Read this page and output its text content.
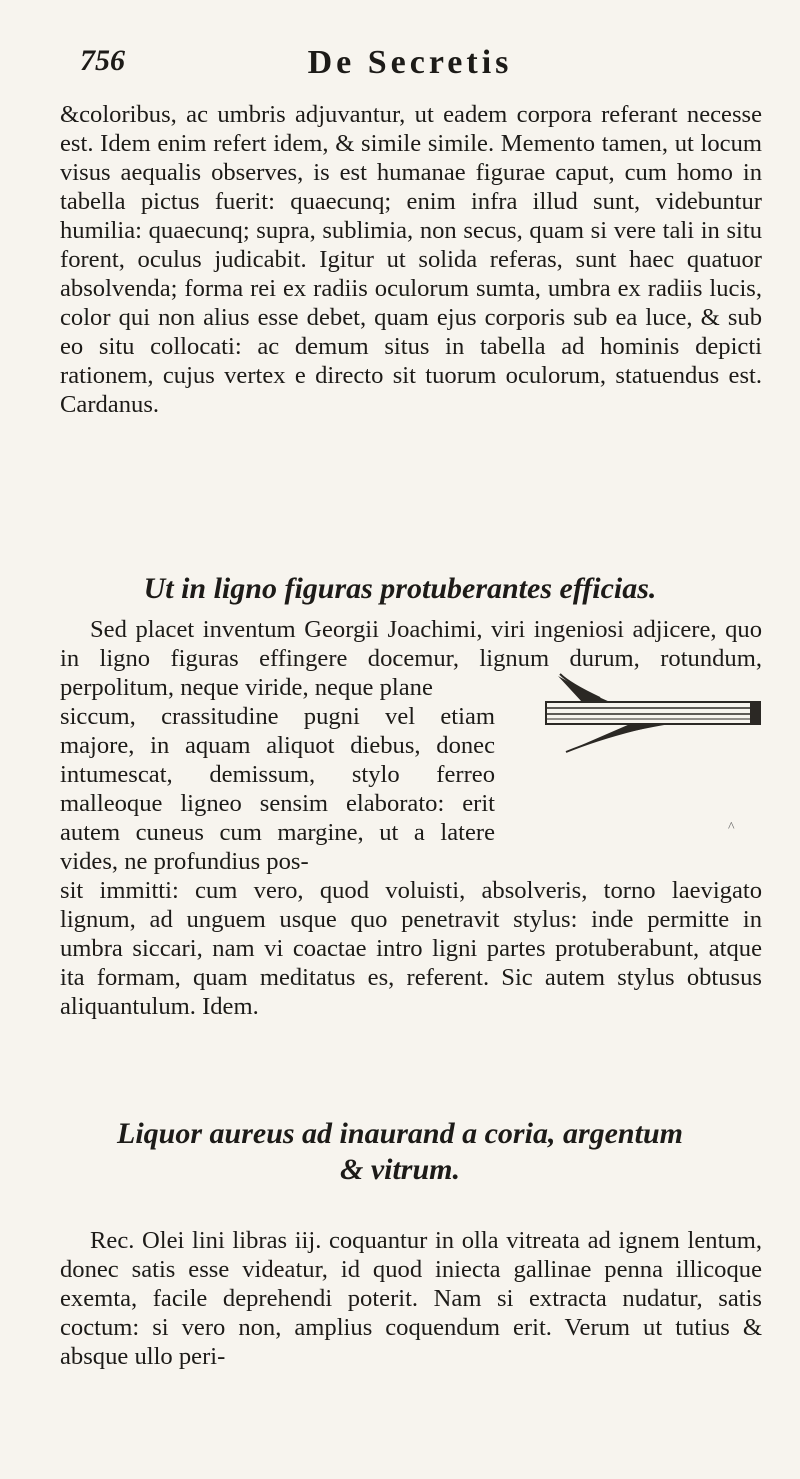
756	De Secretis

&coloribus, ac umbris adjuvantur, ut eadem corpora referant necesse est. Idem enim refert idem, & simile simile. Memento tamen, ut locum visus aequalis observes, is est humanae figurae caput, cum homo in tabella pictus fuerit: quaecunq; enim infra illud sunt, videbuntur humilia: quaecunq; supra, sublimia, non secus, quam si vere tali in situ forent, oculus judicabit. Igitur ut solida referas, sunt haec quatuor absolvenda; forma rei ex radiis oculorum sumta, umbra ex radiis lucis, color qui non alius esse debet, quam ejus corporis sub ea luce, & sub eo situ collocati: ac demum situs in tabella ad hominis depicti rationem, cujus vertex e directo sit tuorum oculorum, statuendus est. Cardanus.

Ut in ligno figuras protuberantes efficias.

Sed placet inventum Georgii Joachimi, viri ingeniosi adjicere, quo in ligno figuras effingere docemur, lignum durum, rotundum, perpolitum, neque viride, neque plane

siccum, crassitudine pugni vel etiam majore, in aquam aliquot diebus, donec intumescat, demissum, stylo ferreo malleoque ligneo sensim elaborato: erit autem cuneus cum margine, ut a latere vides, ne profundius pos-

sit immitti: cum vero, quod voluisti, absolveris, torno laevigato lignum, ad unguem usque quo penetravit stylus: inde permitte in umbra siccari, nam vi coactae intro ligni partes protuberabunt, atque ita formam, quam meditatus es, referent. Sic autem stylus obtusus aliquantulum. Idem.

^
Liquor aureus ad inaurand a coria, argentum
& vitrum.

Rec. Olei lini libras iij. coquantur in olla vitreata ad ignem lentum, donec satis esse videatur, id quod iniecta gallinae penna illicoque exemta, facile deprehendi poterit. Nam si extracta nudatur, satis coctum: si vero non, amplius coquendum erit. Verum ut tutius & absque ullo peri-
